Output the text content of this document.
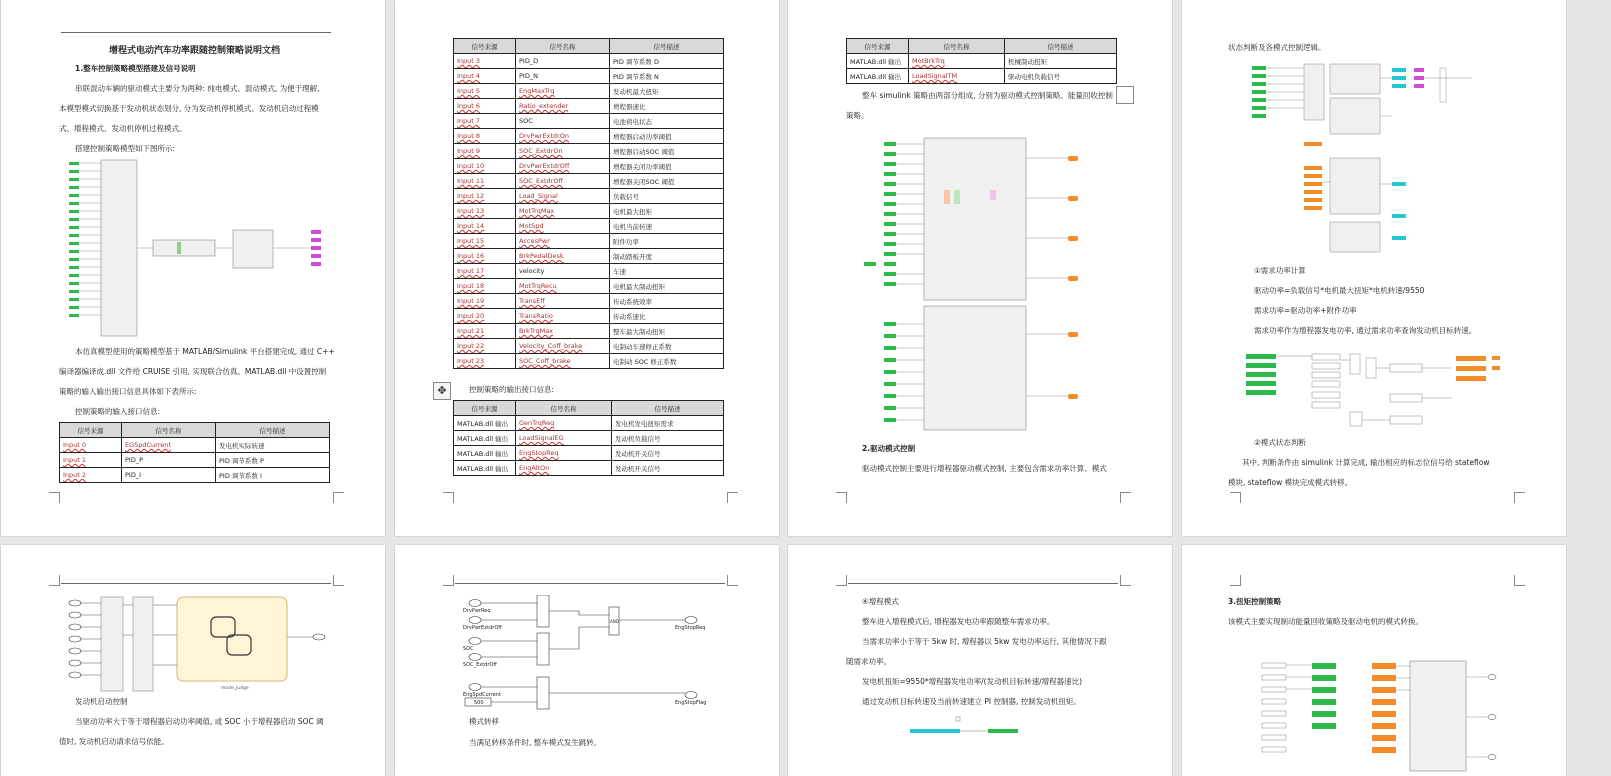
增程式电动汽车功率跟随控制策略说明文档
1.整车控制策略模型搭建及信号说明
串联混动车辆的驱动模式主要分为两种: 纯电模式、混动模式, 为便于理解,
本模型模式切换基于发动机状态划分, 分为发动机停机模式、发动机启动过程模
式、增程模式、发动机停机过程模式。
搭建控制策略模型如下图所示:
本仿真模型使用的策略模型基于 MATLAB/Simulink 平台搭建完成, 通过 C++
编译器编译成.dll 文件给 CRUISE 引用, 实现联合仿真。MATLAB.dll 中设置控制
策略的输入输出接口信息具体如下表所示:
控制策略的输入接口信息:
信号来源	信号名称	信号描述
Input 0	EGSpdCurrent	发电机实际转速
Input 1	PID_P	PID 调节系数 P
Input 2	PID_I	PID 调节系数 I
信号来源	信号名称	信号描述
Input 3	PID_D	PID 调节系数 D
Input 4	PID_N	PID 调节系数 N
Input 5	EngMaxTrq	发动机最大扭矩
Input 6	Ratio_extender	增程器速比
Input 7	SOC	电池荷电状态
Input 8	DrvPwrExtdrOn	增程器启动功率阈值
Input 9	SOC_ExtdrOn	增程器启动SOC 阈值
Input 10	DrvPwrExtdrOff	增程器关闭功率阈值
Input 11	SOC_ExtdrOff	增程器关闭SOC 阈值
Input 12	Load_Signal	负载信号
Input 13	MotTrqMax	电机最大扭矩
Input 14	MotSpd	电机当前转速
Input 15	AccesPwr	附件功率
Input 16	BrkPedalDesk	制动踏板开度
Input 17	velocity	车速
Input 18	MotTrqRecu	电机最大制动扭矩
Input 19	TransEff	传动系统效率
Input 20	TransRatio	传动系速比
Input 21	BrkTrqMax	整车最大制动扭矩
Input 22	Velocity_Coff_brake	电制动车速修正系数
Input 23	SOC_Coff_brake	电制动 SOC 修正系数
✥	控制策略的输出接口信息:
信号来源	信号名称	信号描述
MATLAB.dll 输出	GenTrqReq	发电机发电扭矩需求
MATLAB.dll 输出	LoadSignalEG	发动机负载信号
MATLAB.dll 输出	EngStopReq	发动机开关信号
MATLAB.dll 输出	EngAltOn	发动机开关信号
信号来源	信号名称	信号描述
MATLAB.dll 输出	MotBrkTrq	机械制动扭矩
MATLAB.dll 输出	LoadSignalTM	驱动电机负载信号
整车 simulink 策略由两部分组成, 分别为驱动模式控制策略、能量回收控制
策略。
2.驱动模式控制
驱动模式控制主要进行增程器驱动模式控制, 主要包含需求功率计算、模式
状态判断及各模式控制逻辑。
①需求功率计算
驱动功率=负载信号*电机最大扭矩*电机转速/9550
需求功率=驱动功率+附件功率
需求功率作为增程器发电功率, 通过需求功率查询发动机目标转速。
②模式状态判断
其中, 判断条件由 simulink 计算完成, 输出相应的标志位信号给 stateflow
模块, stateflow 模块完成模式转移。
mode_judge
发动机启动控制
当驱动功率大于等于增程器启动功率阈值, 或 SOC 小于增程器启动 SOC 阈
值时, 发动机启动请求信号依能。
DrvPwrReq
DrvPwrExtdrOff
SOC
SOC_ExtdrOff
EngSpdCurrent
500
AND
EngStopReq
EngStopFlag
模式转移
当满足转移条件时, 整车模式发生跳转。
④增程模式
整车进入增程模式后, 增程器发电功率跟随整车需求功率。
当需求功率小于等于 5kw 时, 增程器以 5kw 发电功率运行, 其他情况下跟
随需求功率。
发电机扭矩=9550*增程器发电功率/(发动机目标转速/增程器速比)
通过发动机目标转速及当前转速建立 PI 控制器, 控制发动机扭矩。
3.扭矩控制策略
该模式主要实现制动能量回收策略及驱动电机的模式转换。
